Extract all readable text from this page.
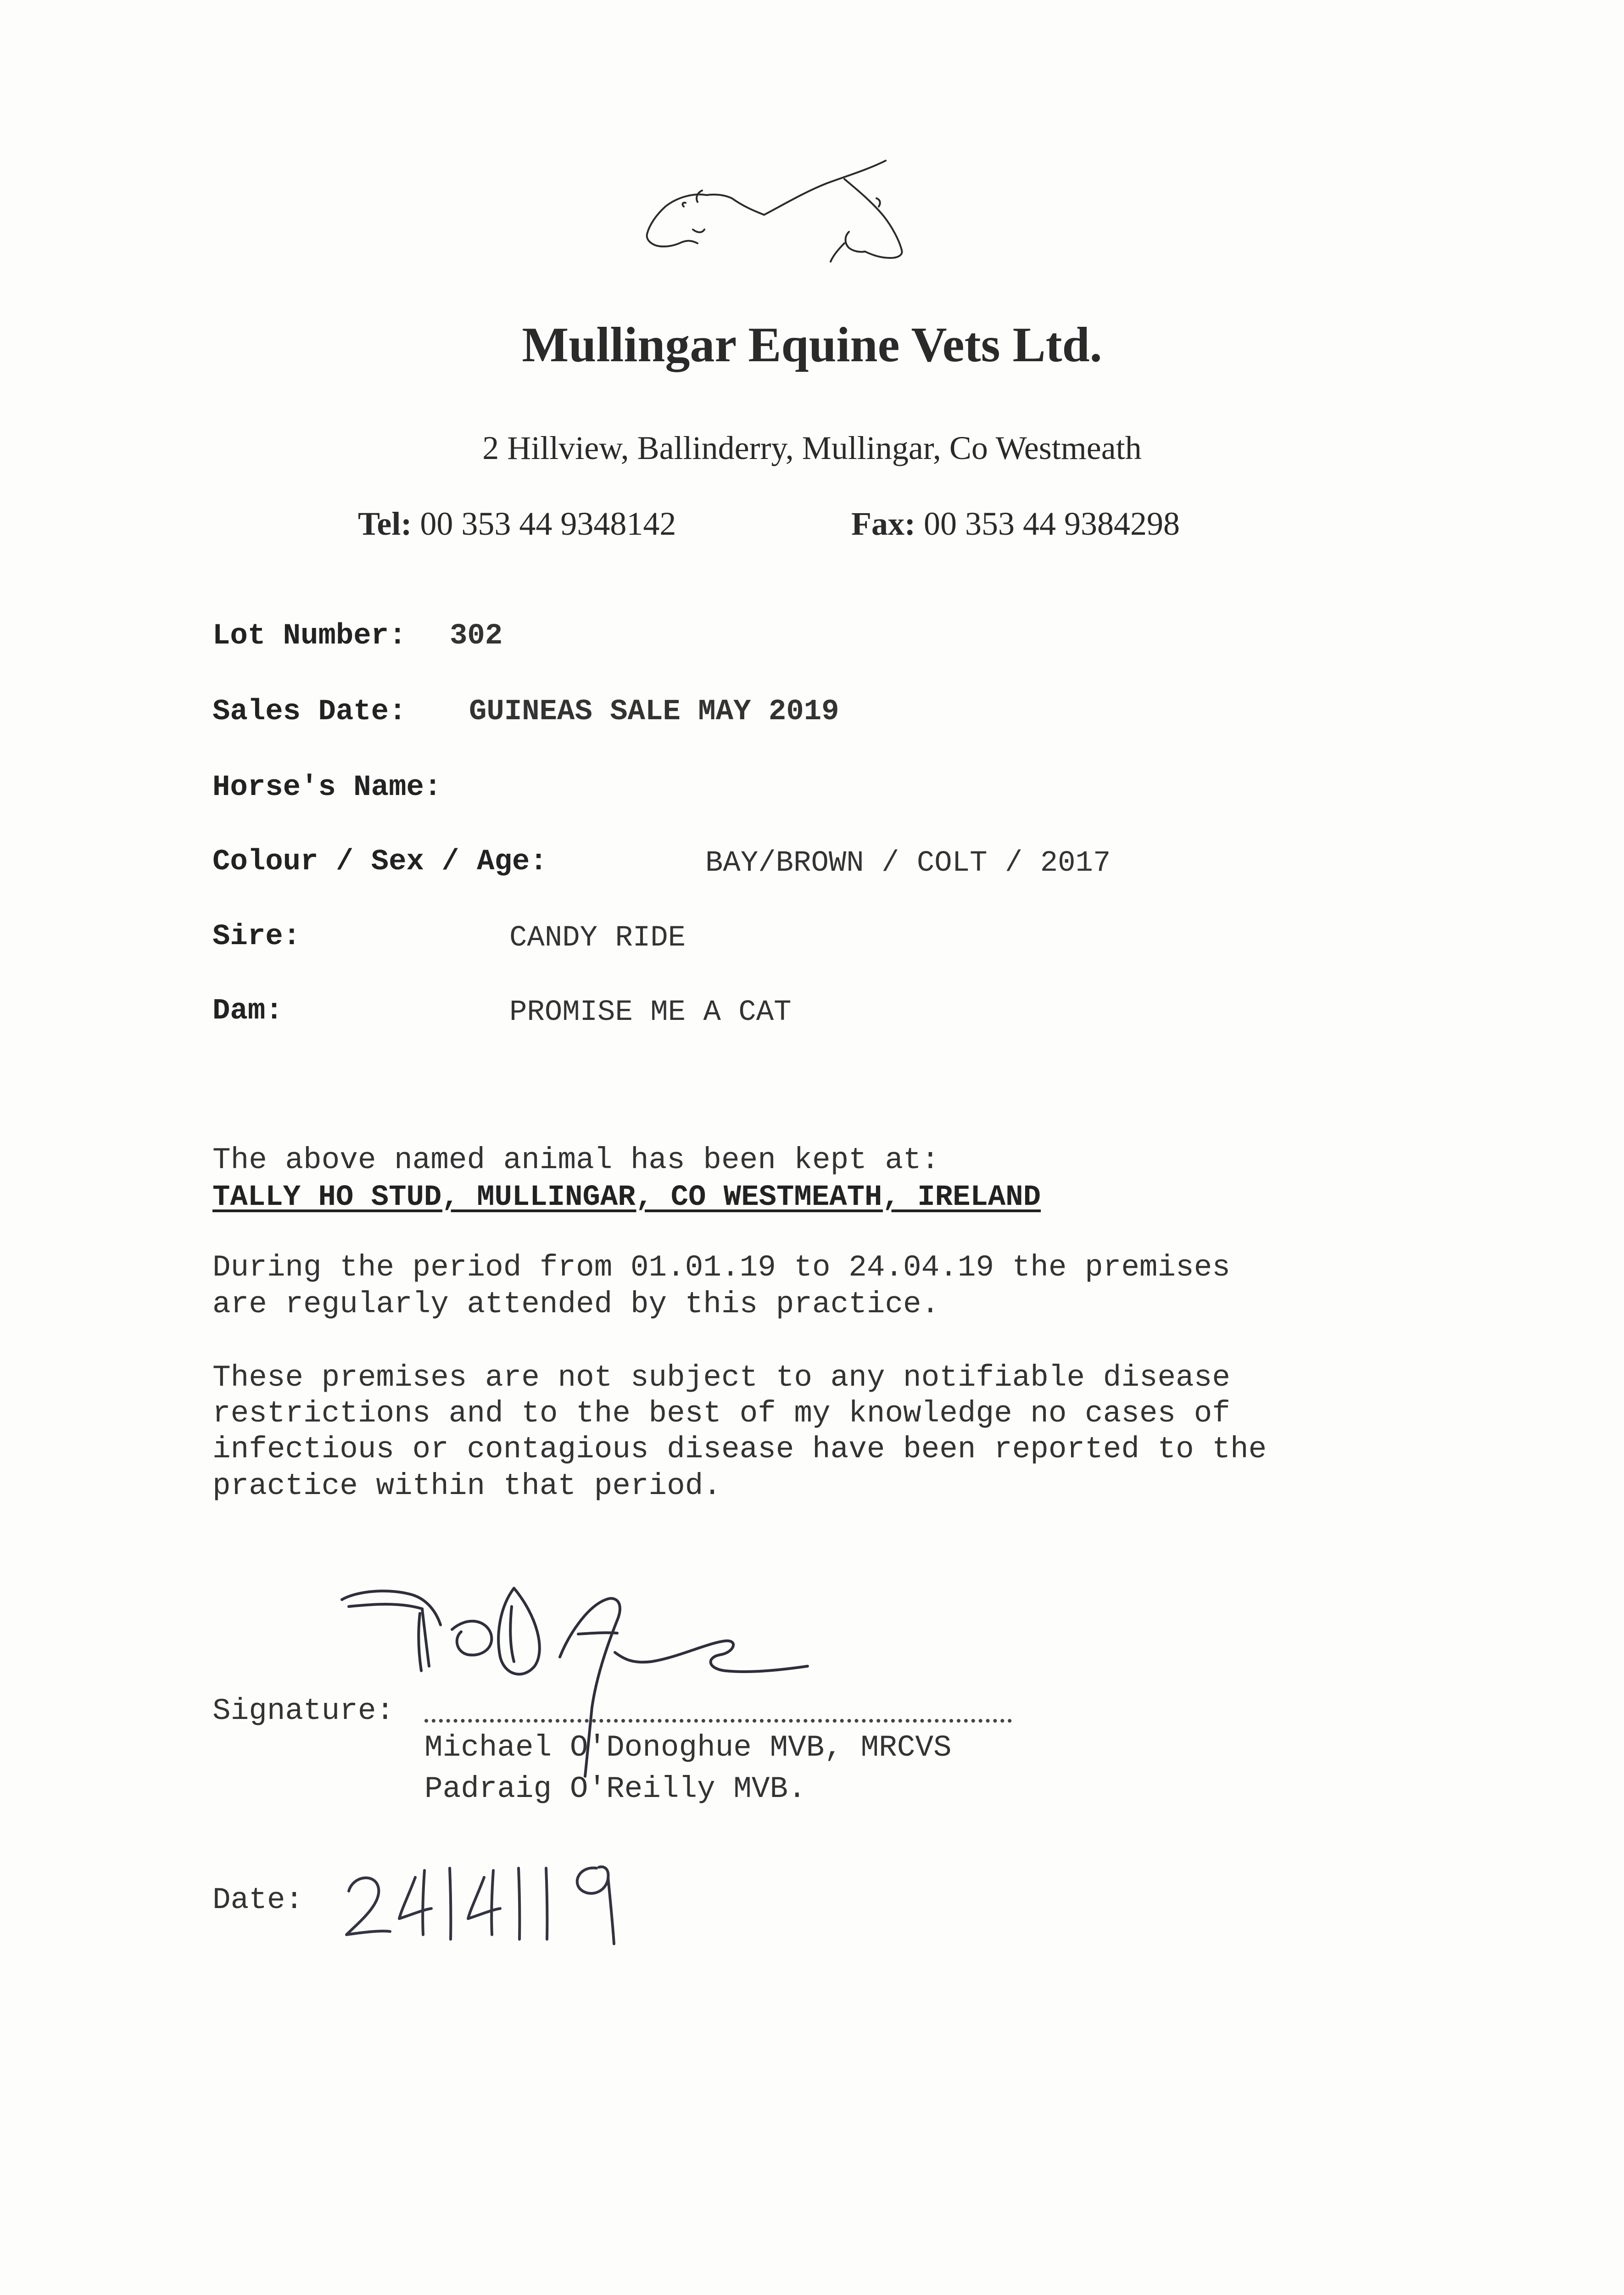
Mullingar Equine Vets Ltd.
2 Hillview, Ballinderry, Mullingar, Co Westmeath
Tel: 00 353 44 9348142	Fax: 00 353 44 9384298
Lot Number: 302
Sales Date: GUINEAS SALE MAY 2019
Horse's Name:
Colour / Sex / Age:	BAY/BROWN / COLT / 2017
Sire:	CANDY RIDE
Dam:	PROMISE ME A CAT
The above named animal has been kept at:
TALLY HO STUD, MULLINGAR, CO WESTMEATH, IRELAND
During the period from 01.01.19 to 24.04.19 the premises
are regularly attended by this practice.
These premises are not subject to any notifiable disease
restrictions and to the best of my knowledge no cases of
infectious or contagious disease have been reported to the
practice within that period.
Signature:
Michael O'Donoghue MVB, MRCVS
Padraig O'Reilly MVB.
Date:
